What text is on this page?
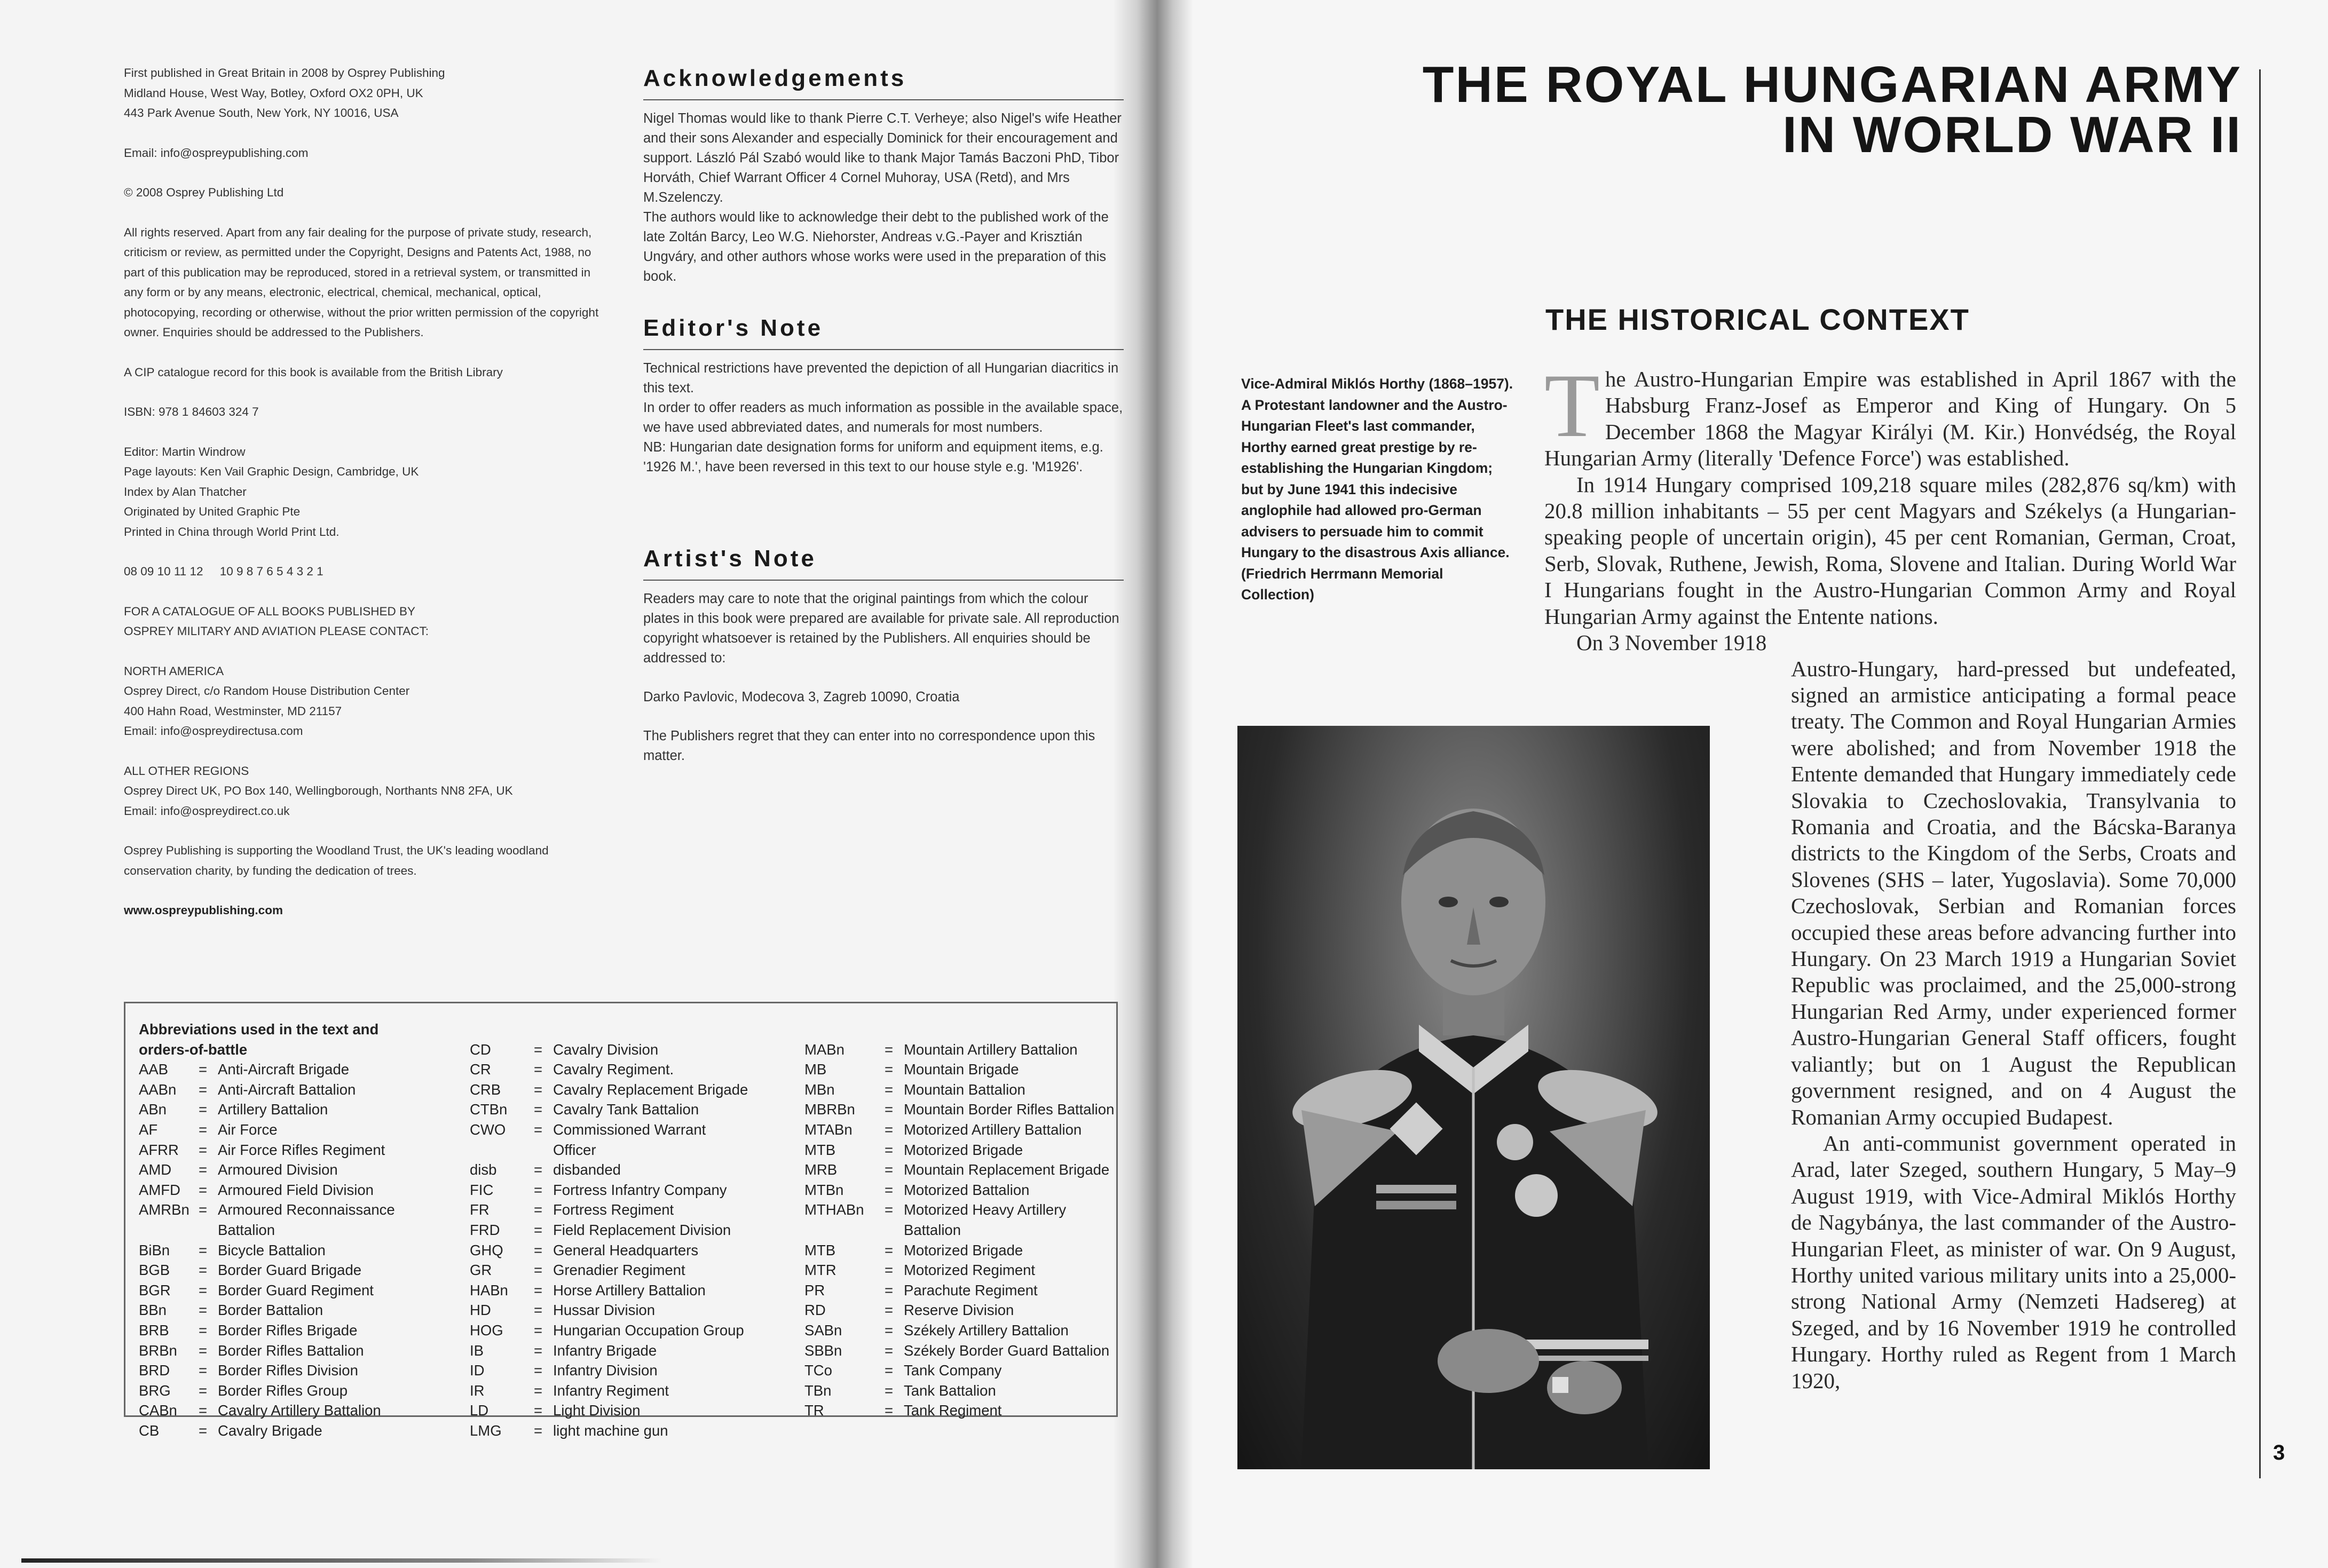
First published in Great Britain in 2008 by Osprey Publishing
Midland House, West Way, Botley, Oxford OX2 0PH, UK
443 Park Avenue South, New York, NY 10016, USA

Email: info@ospreypublishing.com

© 2008 Osprey Publishing Ltd

All rights reserved. Apart from any fair dealing for the purpose of private study, research, criticism or review, as permitted under the Copyright, Designs and Patents Act, 1988, no part of this publication may be reproduced, stored in a retrieval system, or transmitted in any form or by any means, electronic, electrical, chemical, mechanical, optical, photocopying, recording or otherwise, without the prior written permission of the copyright owner. Enquiries should be addressed to the Publishers.

A CIP catalogue record for this book is available from the British Library

ISBN: 978 1 84603 324 7

Editor: Martin Windrow
Page layouts: Ken Vail Graphic Design, Cambridge, UK
Index by Alan Thatcher
Originated by United Graphic Pte
Printed in China through World Print Ltd.

08 09 10 11 12     10 9 8 7 6 5 4 3 2 1

FOR A CATALOGUE OF ALL BOOKS PUBLISHED BY
OSPREY MILITARY AND AVIATION PLEASE CONTACT:

NORTH AMERICA
Osprey Direct, c/o Random House Distribution Center
400 Hahn Road, Westminster, MD 21157
Email: info@ospreydirectusa.com

ALL OTHER REGIONS
Osprey Direct UK, PO Box 140, Wellingborough, Northants NN8 2FA, UK
Email: info@ospreydirect.co.uk

Osprey Publishing is supporting the Woodland Trust, the UK's leading woodland conservation charity, by funding the dedication of trees.

www.ospreypublishing.com

Acknowledgements

Nigel Thomas would like to thank Pierre C.T. Verheye; also Nigel's wife Heather and their sons Alexander and especially Dominick for their encouragement and support. László Pál Szabó would like to thank Major Tamás Baczoni PhD, Tibor Horváth, Chief Warrant Officer 4 Cornel Muhoray, USA (Retd), and Mrs M.Szelenczy.

The authors would like to acknowledge their debt to the published work of the late Zoltán Barcy, Leo W.G. Niehorster, Andreas v.G.-Payer and Krisztián Ungváry, and other authors whose works were used in the preparation of this book.

Editor's Note

Technical restrictions have prevented the depiction of all Hungarian diacritics in this text.

In order to offer readers as much information as possible in the available space, we have used abbreviated dates, and numerals for most numbers.

NB: Hungarian date designation forms for uniform and equipment items, e.g. '1926 M.', have been reversed in this text to our house style e.g. 'M1926'.

Artist's Note

Readers may care to note that the original paintings from which the colour plates in this book were prepared are available for private sale. All reproduction copyright whatsoever is retained by the Publishers. All enquiries should be addressed to:

Darko Pavlovic, Modecova 3, Zagreb 10090, Croatia

The Publishers regret that they can enter into no correspondence upon this matter.

Abbreviations used in the text and
orders-of-battle
AAB	= Anti-Aircraft Brigade
AABn	= Anti-Aircraft Battalion
ABn	= Artillery Battalion
AF	= Air Force
AFRR	= Air Force Rifles Regiment
AMD	= Armoured Division
AMFD	= Armoured Field Division
AMRBn = Armoured Reconnaissance
Battalion
BiBn	= Bicycle Battalion
BGB	= Border Guard Brigade
BGR	= Border Guard Regiment
BBn	= Border Battalion
BRB	= Border Rifles Brigade
BRBn	= Border Rifles Battalion
BRD	= Border Rifles Division
BRG	= Border Rifles Group
CABn	= Cavalry Artillery Battalion
CB	= Cavalry Brigade
CD	= Cavalry Division
CR	= Cavalry Regiment.
CRB	= Cavalry Replacement Brigade
CTBn	= Cavalry Tank Battalion
CWO	= Commissioned Warrant
Officer
disb	= disbanded
FIC	= Fortress Infantry Company
FR	= Fortress Regiment
FRD	= Field Replacement Division
GHQ	= General Headquarters
GR	= Grenadier Regiment
HABn	= Horse Artillery Battalion
HD	= Hussar Division
HOG	= Hungarian Occupation Group
IB	= Infantry Brigade
ID	= Infantry Division
IR	= Infantry Regiment
LD	= Light Division
LMG	= light machine gun
MABn	= Mountain Artillery Battalion
MB	= Mountain Brigade
MBn	= Mountain Battalion
MBRBn	= Mountain Border Rifles Battalion
MTABn	= Motorized Artillery Battalion
MTB	= Motorized Brigade
MRB	= Mountain Replacement Brigade
MTBn	= Motorized Battalion
MTHABn	= Motorized Heavy Artillery
Battalion
MTB	= Motorized Brigade
MTR	= Motorized Regiment
PR	= Parachute Regiment
RD	= Reserve Division
SABn	= Székely Artillery Battalion
SBBn	= Székely Border Guard Battalion
TCo	= Tank Company
TBn	= Tank Battalion
TR	= Tank Regiment
THE ROYAL HUNGARIAN ARMY
IN WORLD WAR II
THE HISTORICAL CONTEXT
Vice-Admiral Miklós Horthy (1868–1957). A Protestant landowner and the Austro-Hungarian Fleet's last commander, Horthy earned great prestige by re-establishing the Hungarian Kingdom; but by June 1941 this indecisive anglophile had allowed pro-German advisers to persuade him to commit Hungary to the disastrous Axis alliance. (Friedrich Herrmann Memorial Collection)

The Austro-Hungarian Empire was established in April 1867 with the Habsburg Franz-Josef as Emperor and King of Hungary. On 5 December 1868 the Magyar Királyi (M. Kir.) Honvédség, the Royal Hungarian Army (literally 'Defence Force') was established.

In 1914 Hungary comprised 109,218 square miles (282,876 sq/km) with 20.8 million inhabitants – 55 per cent Magyars and Székelys (a Hungarian-speaking people of uncertain origin), 45 per cent Romanian, German, Croat, Serb, Slovak, Ruthene, Jewish, Roma, Slovene and Italian. During World War I Hungarians fought in the Austro-Hungarian Common Army and Royal Hungarian Army against the Entente nations.

On 3 November 1918

Austro-Hungary, hard-pressed but undefeated, signed an armistice anticipating a formal peace treaty. The Common and Royal Hungarian Armies were abolished; and from November 1918 the Entente demanded that Hungary immediately cede Slovakia to Czechoslovakia, Transylvania to Romania and Croatia, and the Bácska-Baranya districts to the Kingdom of the Serbs, Croats and Slovenes (SHS – later, Yugoslavia). Some 70,000 Czechoslovak, Serbian and Romanian forces occupied these areas before advancing further into Hungary. On 23 March 1919 a Hungarian Soviet Republic was proclaimed, and the 25,000-strong Hungarian Red Army, under experienced former Austro-Hungarian General Staff officers, fought valiantly; but on 1 August the Republican government resigned, and on 4 August the Romanian Army occupied Budapest.

An anti-communist government operated in Arad, later Szeged, southern Hungary, 5 May–9 August 1919, with Vice-Admiral Miklós Horthy de Nagybánya, the last commander of the Austro-Hungarian Fleet, as minister of war. On 9 August, Horthy united various military units into a 25,000-strong National Army (Nemzeti Hadsereg) at Szeged, and by 16 November 1919 he controlled Hungary. Horthy ruled as Regent from 1 March 1920,

3
